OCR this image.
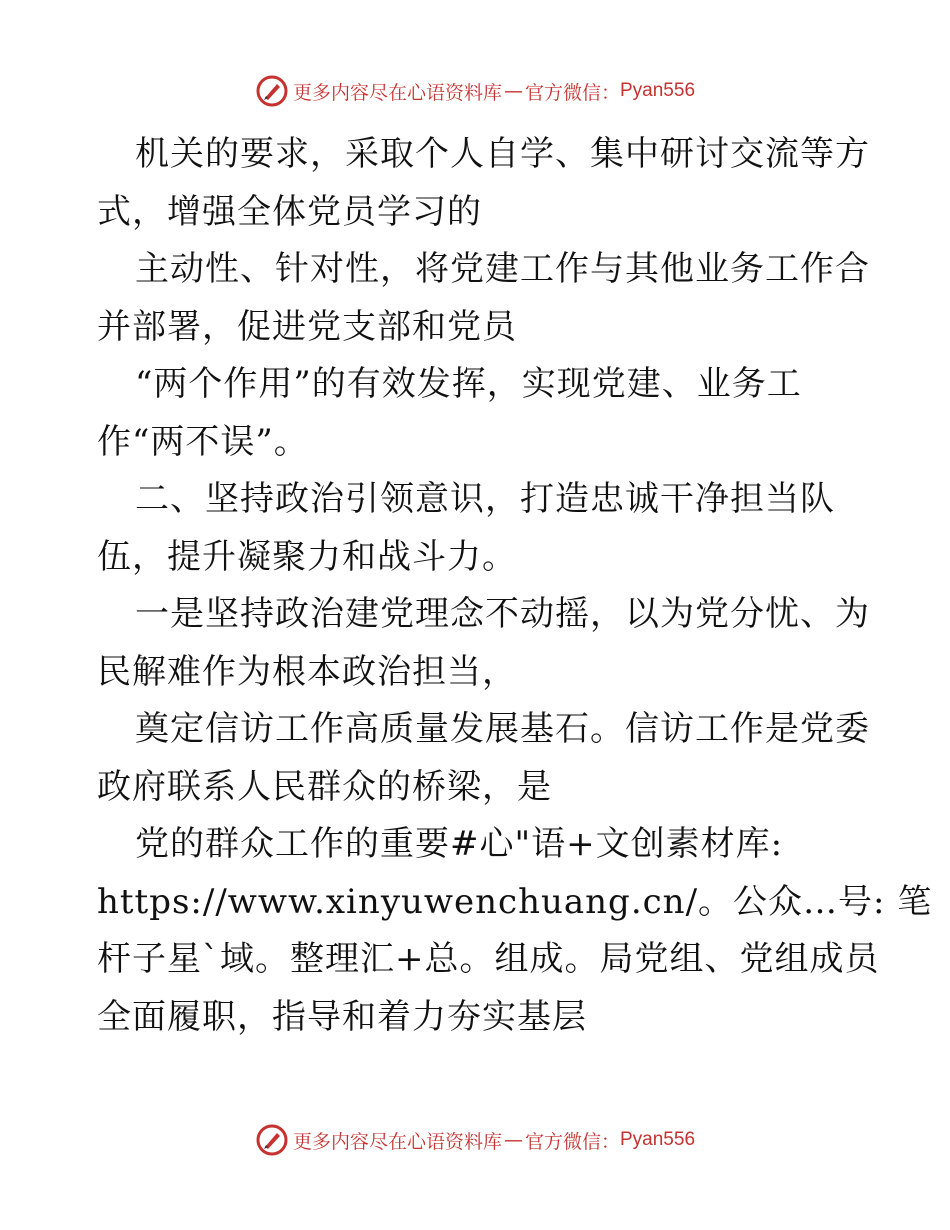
更多内容尽在心语资料库 — 官方微信： Pyan556
机关的要求，采取个人自学、集中研讨交流等方
式，增强全体党员学习的
主动性、针对性，将党建工作与其他业务工作合
并部署，促进党支部和党员
“两个作用”的有效发挥，实现党建、业务工
作“两不误”。
二、坚持政治引领意识，打造忠诚干净担当队
伍，提升凝聚力和战斗力。
一是坚持政治建党理念不动摇，以为党分忧、为
民解难作为根本政治担当，
奠定信访工作高质量发展基石。信访工作是党委
政府联系人民群众的桥梁，是
党的群众工作的重要#心"语+文创素材库:
https://www.xinyuwenchuang.cn/。公众…号: 笔
杆子星`域。整理汇+总。组成。局党组、党组成员
全面履职，指导和着力夯实基层
更多内容尽在心语资料库 — 官方微信： Pyan556
